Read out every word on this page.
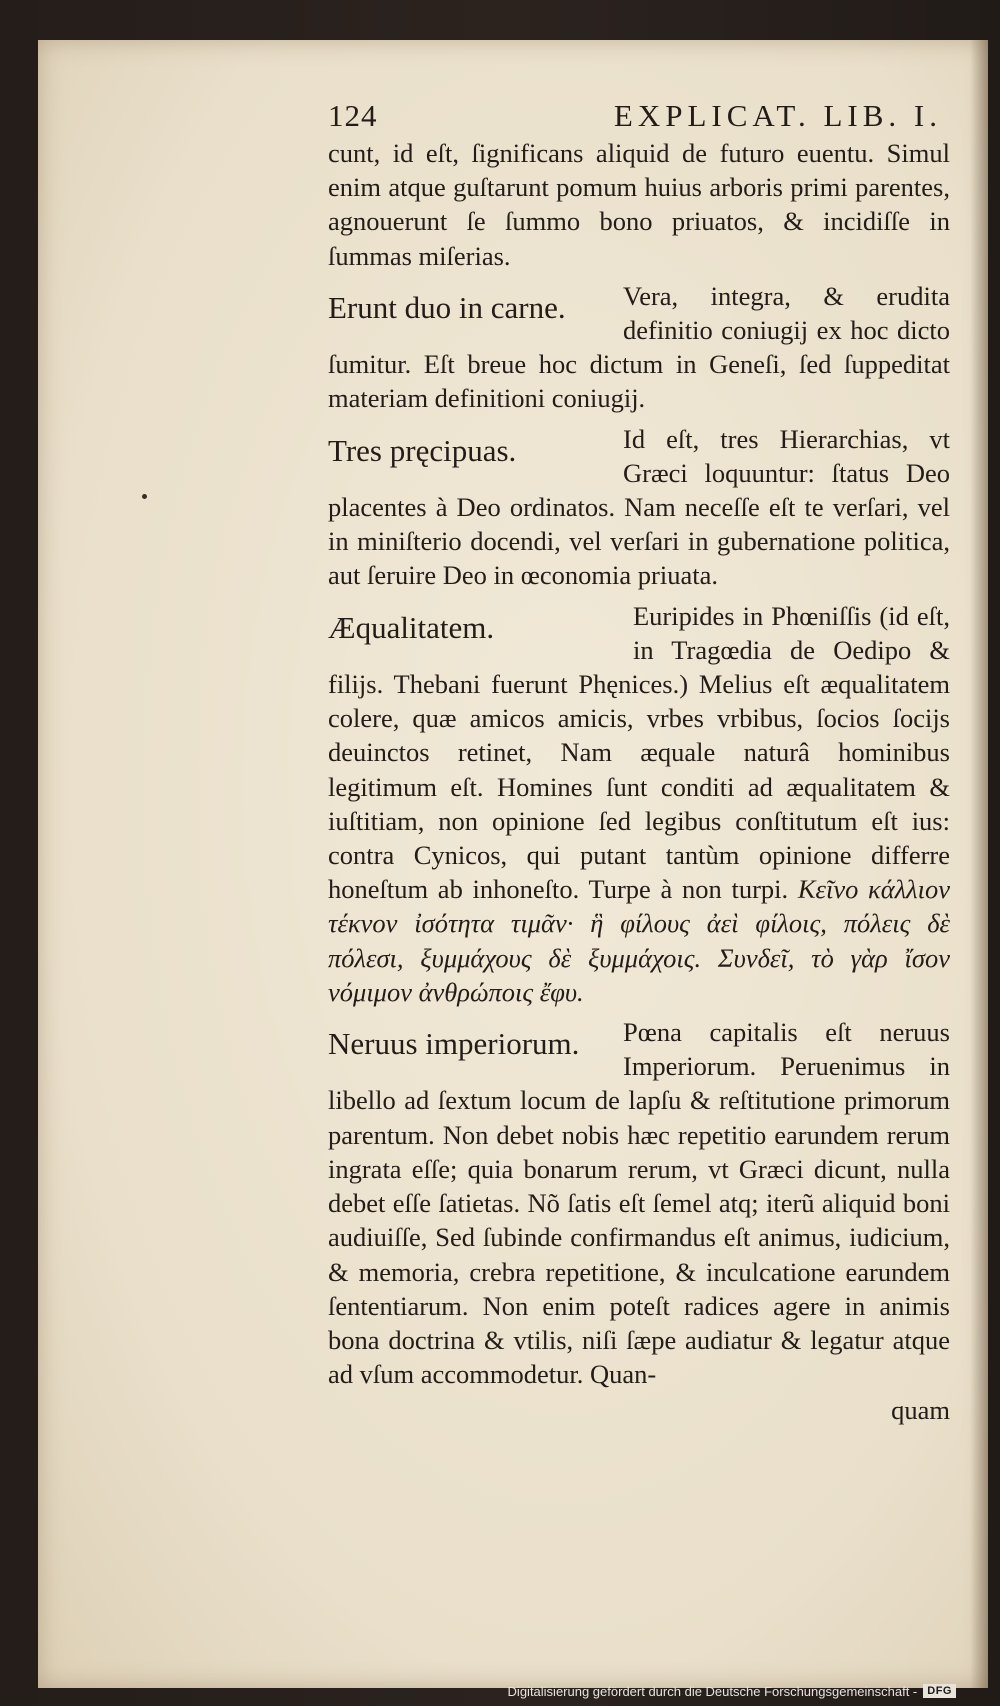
124	EXPLICAT. LIB. I.

cunt, id eſt, ſignificans aliquid de futuro euentu. Simul enim atque guſtarunt pomum huius arboris primi parentes, agnouerunt ſe ſummo bono priuatos, & incidiſſe in ſummas miſerias.

Erunt duo in carne.	Vera, integra, & erudita definitio coniugij ex hoc dicto ſumitur. Eſt breue hoc dictum in Geneſi, ſed ſuppeditat materiam definitioni coniugij.

Tres pręcipuas.	Id eſt, tres Hierarchias, vt Græci loquuntur: ſtatus Deo placentes à Deo ordinatos. Nam neceſſe eſt te verſari, vel in miniſterio docendi, vel verſari in gubernatione politica, aut ſeruire Deo in œconomia priuata.

Æqualitatem.	Euripides in Phœniſſis (id eſt, in Tragœdia de Oedipo & filijs. Thebani fuerunt Phęnices.) Melius eſt æqualitatem colere, quæ amicos amicis, vrbes vrbibus, ſocios ſocijs deuinctos retinet, Nam æquale naturâ hominibus legitimum eſt. Homines ſunt conditi ad æqualitatem & iuſtitiam, non opinione ſed legibus conſtitutum eſt ius: contra Cynicos, qui putant tantùm opinione differre honeſtum ab inhoneſto. Turpe à non turpi. Κεῖνο κάλλιον τέκνον ἰσότητα τιμᾶν· ἣ φίλους ἀεὶ φίλοις, πόλεις δὲ πόλεσι, ξυμμάχους δὲ ξυμμάχοις. Συνδεῖ, τὸ γὰρ ἴσον νόμιμον ἀνθρώποις ἔφυ.

Neruus imperiorum.	Pœna capitalis eſt neruus Imperiorum. Peruenimus in libello ad ſextum locum de lapſu & reſtitutione primorum parentum. Non debet nobis hæc repetitio earundem rerum ingrata eſſe; quia bonarum rerum, vt Græci dicunt, nulla debet eſſe ſatietas. Nõ ſatis eſt ſemel atq; iterũ aliquid boni audiuiſſe, Sed ſubinde confirmandus eſt animus, iudicium, & memoria, crebra repetitione, & inculcatione earundem ſententiarum. Non enim poteſt radices agere in animis bona doctrina & vtilis, niſi ſæpe audiatur & legatur atque ad vſum accommodetur. Quan-

quam
Digitalisierung gefördert durch die Deutsche Forschungsgemeinschaft - DFG
